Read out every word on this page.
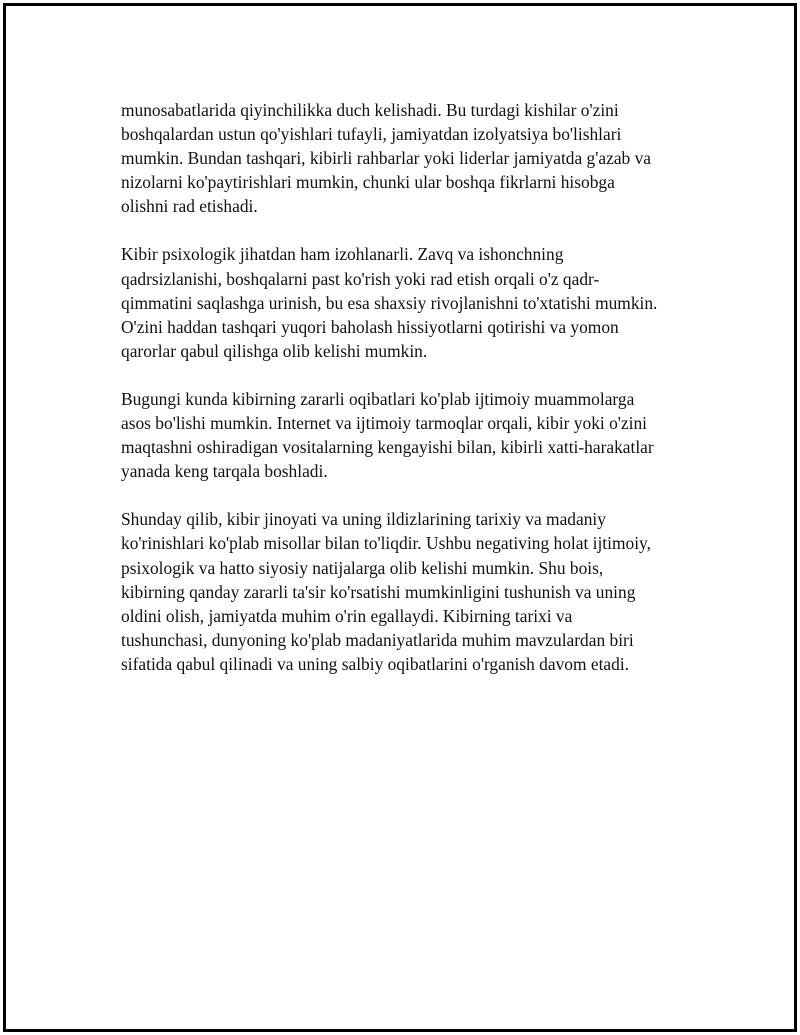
munosabatlarida qiyinchilikka duch kelishadi. Bu turdagi kishilar o'zini
boshqalardan ustun qo'yishlari tufayli, jamiyatdan izolyatsiya bo'lishlari
mumkin. Bundan tashqari, kibirli rahbarlar yoki liderlar jamiyatda g'azab va
nizolarni ko'paytirishlari mumkin, chunki ular boshqa fikrlarni hisobga
olishni rad etishadi.

Kibir psixologik jihatdan ham izohlanarli. Zavq va ishonchning
qadrsizlanishi, boshqalarni past ko'rish yoki rad etish orqali o'z qadr-
qimmatini saqlashga urinish, bu esa shaxsiy rivojlanishni to'xtatishi mumkin.
O'zini haddan tashqari yuqori baholash hissiyotlarni qotirishi va yomon
qarorlar qabul qilishga olib kelishi mumkin.

Bugungi kunda kibirning zararli oqibatlari ko'plab ijtimoiy muammolarga
asos bo'lishi mumkin. Internet va ijtimoiy tarmoqlar orqali, kibir yoki o'zini
maqtashni oshiradigan vositalarning kengayishi bilan, kibirli xatti-harakatlar
yanada keng tarqala boshladi.

Shunday qilib, kibir jinoyati va uning ildizlarining tarixiy va madaniy
ko'rinishlari ko'plab misollar bilan to'liqdir. Ushbu negativing holat ijtimoiy,
psixologik va hatto siyosiy natijalarga olib kelishi mumkin. Shu bois,
kibirning qanday zararli ta'sir ko'rsatishi mumkinligini tushunish va uning
oldini olish, jamiyatda muhim o'rin egallaydi. Kibirning tarixi va
tushunchasi, dunyoning ko'plab madaniyatlarida muhim mavzulardan biri
sifatida qabul qilinadi va uning salbiy oqibatlarini o'rganish davom etadi.
